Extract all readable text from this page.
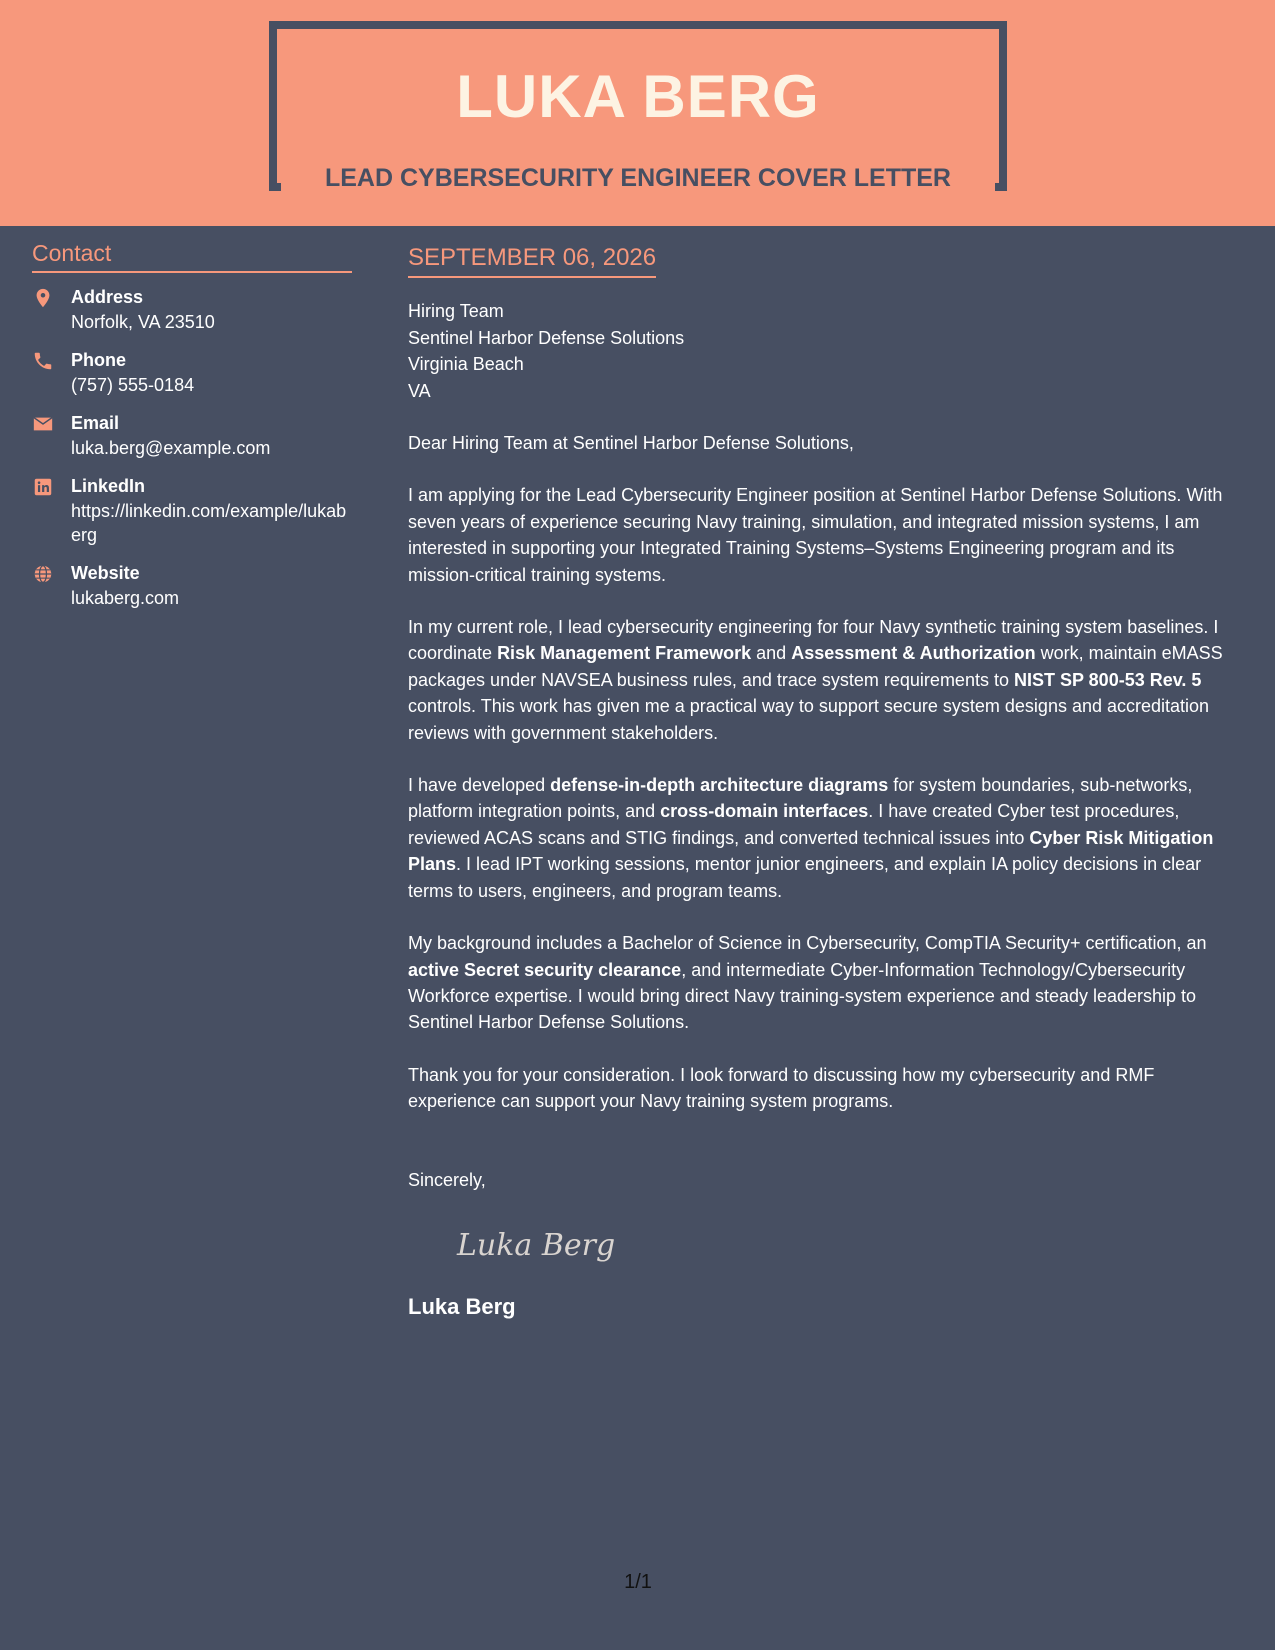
LUKA BERG
LEAD CYBERSECURITY ENGINEER COVER LETTER
Contact
Address
Norfolk, VA 23510
Phone
(757) 555-0184
Email
luka.berg@example.com
LinkedIn
https://linkedin.com/example/lukaberg
Website
lukaberg.com
SEPTEMBER 06, 2026
Hiring Team
Sentinel Harbor Defense Solutions
Virginia Beach
VA

Dear Hiring Team at Sentinel Harbor Defense Solutions,

I am applying for the Lead Cybersecurity Engineer position at Sentinel Harbor Defense Solutions. With seven years of experience securing Navy training, simulation, and integrated mission systems, I am interested in supporting your Integrated Training Systems–Systems Engineering program and its mission-critical training systems.

In my current role, I lead cybersecurity engineering for four Navy synthetic training system baselines. I coordinate Risk Management Framework and Assessment & Authorization work, maintain eMASS packages under NAVSEA business rules, and trace system requirements to NIST SP 800-53 Rev. 5 controls. This work has given me a practical way to support secure system designs and accreditation reviews with government stakeholders.

I have developed defense-in-depth architecture diagrams for system boundaries, sub-networks, platform integration points, and cross-domain interfaces. I have created Cyber test procedures, reviewed ACAS scans and STIG findings, and converted technical issues into Cyber Risk Mitigation Plans. I lead IPT working sessions, mentor junior engineers, and explain IA policy decisions in clear terms to users, engineers, and program teams.

My background includes a Bachelor of Science in Cybersecurity, CompTIA Security+ certification, an active Secret security clearance, and intermediate Cyber-Information Technology/Cybersecurity Workforce expertise. I would bring direct Navy training-system experience and steady leadership to Sentinel Harbor Defense Solutions.

Thank you for your consideration. I look forward to discussing how my cybersecurity and RMF experience can support your Navy training system programs.

Sincerely,
Luka Berg
Luka Berg
1/1
